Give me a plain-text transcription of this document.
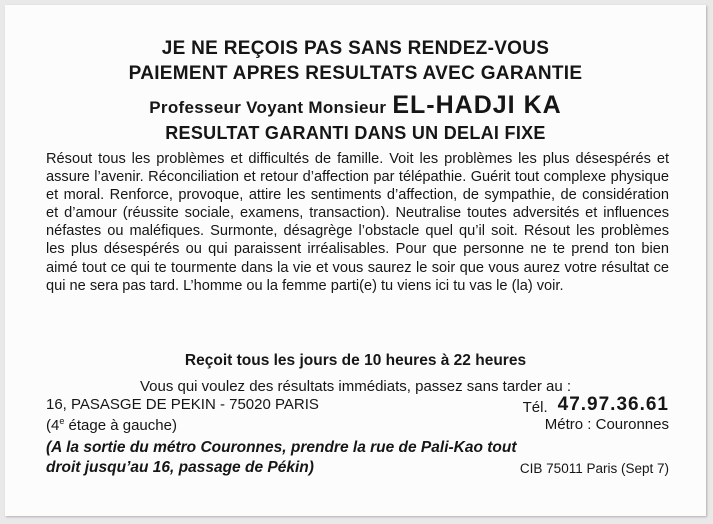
JE NE REÇOIS PAS SANS RENDEZ-VOUS
PAIEMENT APRES RESULTATS AVEC GARANTIE
Professeur Voyant Monsieur EL-HADJI KA
RESULTAT GARANTI DANS UN DELAI FIXE
Résout tous les problèmes et difficultés de famille. Voit les problèmes les plus désespérés et assure l’avenir. Réconciliation et retour d’affection par télépathie. Guérit tout complexe physique et moral. Renforce, provoque, attire les sentiments d’affection, de sympathie, de considération et d’amour (réussite sociale, examens, transaction). Neutralise toutes adversités et influences néfastes ou maléfiques. Surmonte, désagrège l’obstacle quel qu’il soit. Résout les problèmes les plus désespérés ou qui paraissent irréalisables. Pour que personne ne te prend ton bien aimé tout ce qui te tourmente dans la vie et vous saurez le soir que vous aurez votre résultat ce qui ne sera pas tard. L’homme ou la femme parti(e) tu viens ici tu vas le (la) voir.
Reçoit tous les jours de 10 heures à 22 heures
Vous qui voulez des résultats immédiats, passez sans tarder au :
16, PASASGE DE PEKIN - 75020 PARIS	Tél. 47.97.36.61
(4e étage à gauche)	Métro : Couronnes
(A la sortie du métro Couronnes, prendre la rue de Pali-Kao tout
droit jusqu’au 16, passage de Pékin)	CIB 75011 Paris (Sept 7)
